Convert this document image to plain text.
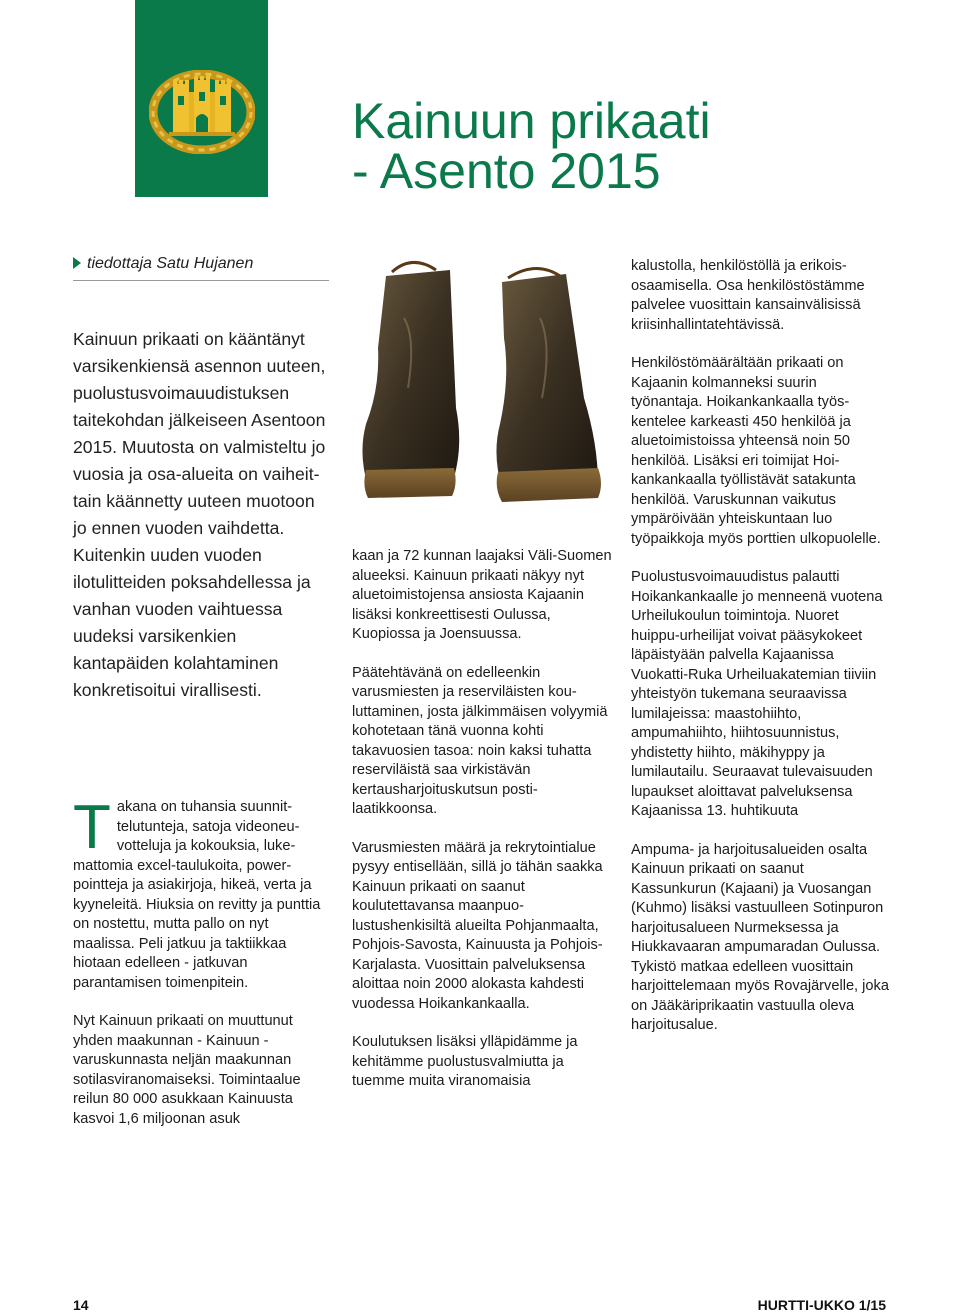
Kainuun prikaati
- Asento 2015
tiedottaja Satu Hujanen
Kainuun prikaati on kääntänyt varsikenkiensä asennon uuteen, puolustusvoimauudistuksen taitekohdan jälkeiseen Asentoon 2015. Muutosta on valmisteltu jo vuosia ja osa-alueita on vaiheittain käännetty uuteen muotoon jo ennen vuoden vaihdetta. Kuitenkin uuden vuoden ilotulitteiden poksahdellessa ja vanhan vuoden vaihtuessa uudeksi varsikenkien kantapäiden kolahtaminen konkretisoitui virallisesti.

Takana on tuhansia suunnittelutunteja, satoja videoneuvotteluja ja kokouksia, lukemattomia excel-taulukoita, powerpointteja ja asiakirjoja, hikeä, verta ja kyyneleitä. Hiuksia on revitty ja punttia on nostettu, mutta pallo on nyt maalissa. Peli jatkuu ja taktiikkaa hiotaan edelleen - jatkuvan parantamisen toimenpitein.

Nyt Kainuun prikaati on muuttunut yhden maakunnan - Kainuun - varuskunnasta neljän maakunnan sotilasviranomaiseksi. Toimintaalue reilun 80 000 asukkaan Kainuusta kasvoi 1,6 miljoonan asuk

kaan ja 72 kunnan laajaksi Väli-Suomen alueeksi. Kainuun prikaati näkyy nyt aluetoimistojensa ansiosta Kajaanin lisäksi konkreettisesti Oulussa, Kuopiossa ja Joensuussa.

Päätehtävänä on edelleenkin varusmiesten ja reserviläisten kouluttaminen, josta jälkimmäisen volyymiä kohotetaan tänä vuonna kohti takavuosien tasoa: noin kaksi tuhatta reserviläistä saa virkistävän kertausharjoituskutsun postilaatikkoonsa.

Varusmiesten määrä ja rekrytointialue pysyy entisellään, sillä jo tähän saakka Kainuun prikaati on saanut koulutettavansa maanpuolustushenkisiltä alueilta Pohjanmaalta, Pohjois-Savosta, Kainuusta ja Pohjois-Karjalasta. Vuosittain palveluksensa aloittaa noin 2000 alokasta kahdesti vuodessa Hoikankankaalla.

Koulutuksen lisäksi ylläpidämme ja kehitämme puolustusvalmiutta ja tuemme muita viranomaisia

kalustolla, henkilöstöllä ja erikoisosaamisella. Osa henkilöstöstämme palvelee vuosittain kansainvälisissä kriisinhallintatehtävissä.

Henkilöstömäärältään prikaati on Kajaanin kolmanneksi suurin työnantaja. Hoikankankaalla työskentelee karkeasti 450 henkilöä ja aluetoimistoissa yhteensä noin 50 henkilöä. Lisäksi eri toimijat Hoikankankaalla työllistävät satakunta henkilöä. Varuskunnan vaikutus ympäröivään yhteiskuntaan luo työpaikkoja myös porttien ulkopuolelle.

Puolustusvoimauudistus palautti Hoikankankaalle jo menneenä vuotena Urheilukoulun toimintoja. Nuoret huippu-urheilijat voivat pääsykokeet läpäistyään palvella Kajaanissa Vuokatti-Ruka Urheiluakatemian tiiviin yhteistyön tukemana seuraavissa lumilajeissa: maastohiihto, ampumahiihto, hiihtosuunnistus, yhdistetty hiihto, mäkihyppy ja lumilautailu. Seuraavat tulevaisuuden lupaukset aloittavat palveluksensa Kajaanissa 13. huhtikuuta

Ampuma- ja harjoitusalueiden osalta Kainuun prikaati on saanut Kassunkurun (Kajaani) ja Vuosangan (Kuhmo) lisäksi vastuulleen Sotinpuron harjoitusalueen Nurmeksessa ja Hiukkavaaran ampumaradan Oulussa. Tykistö matkaa edelleen vuosittain harjoittelemaan myös Rovajärvelle, joka on Jääkäriprikaatin vastuulla oleva harjoitusalue.

14	HURTTI-UKKO 1/15
